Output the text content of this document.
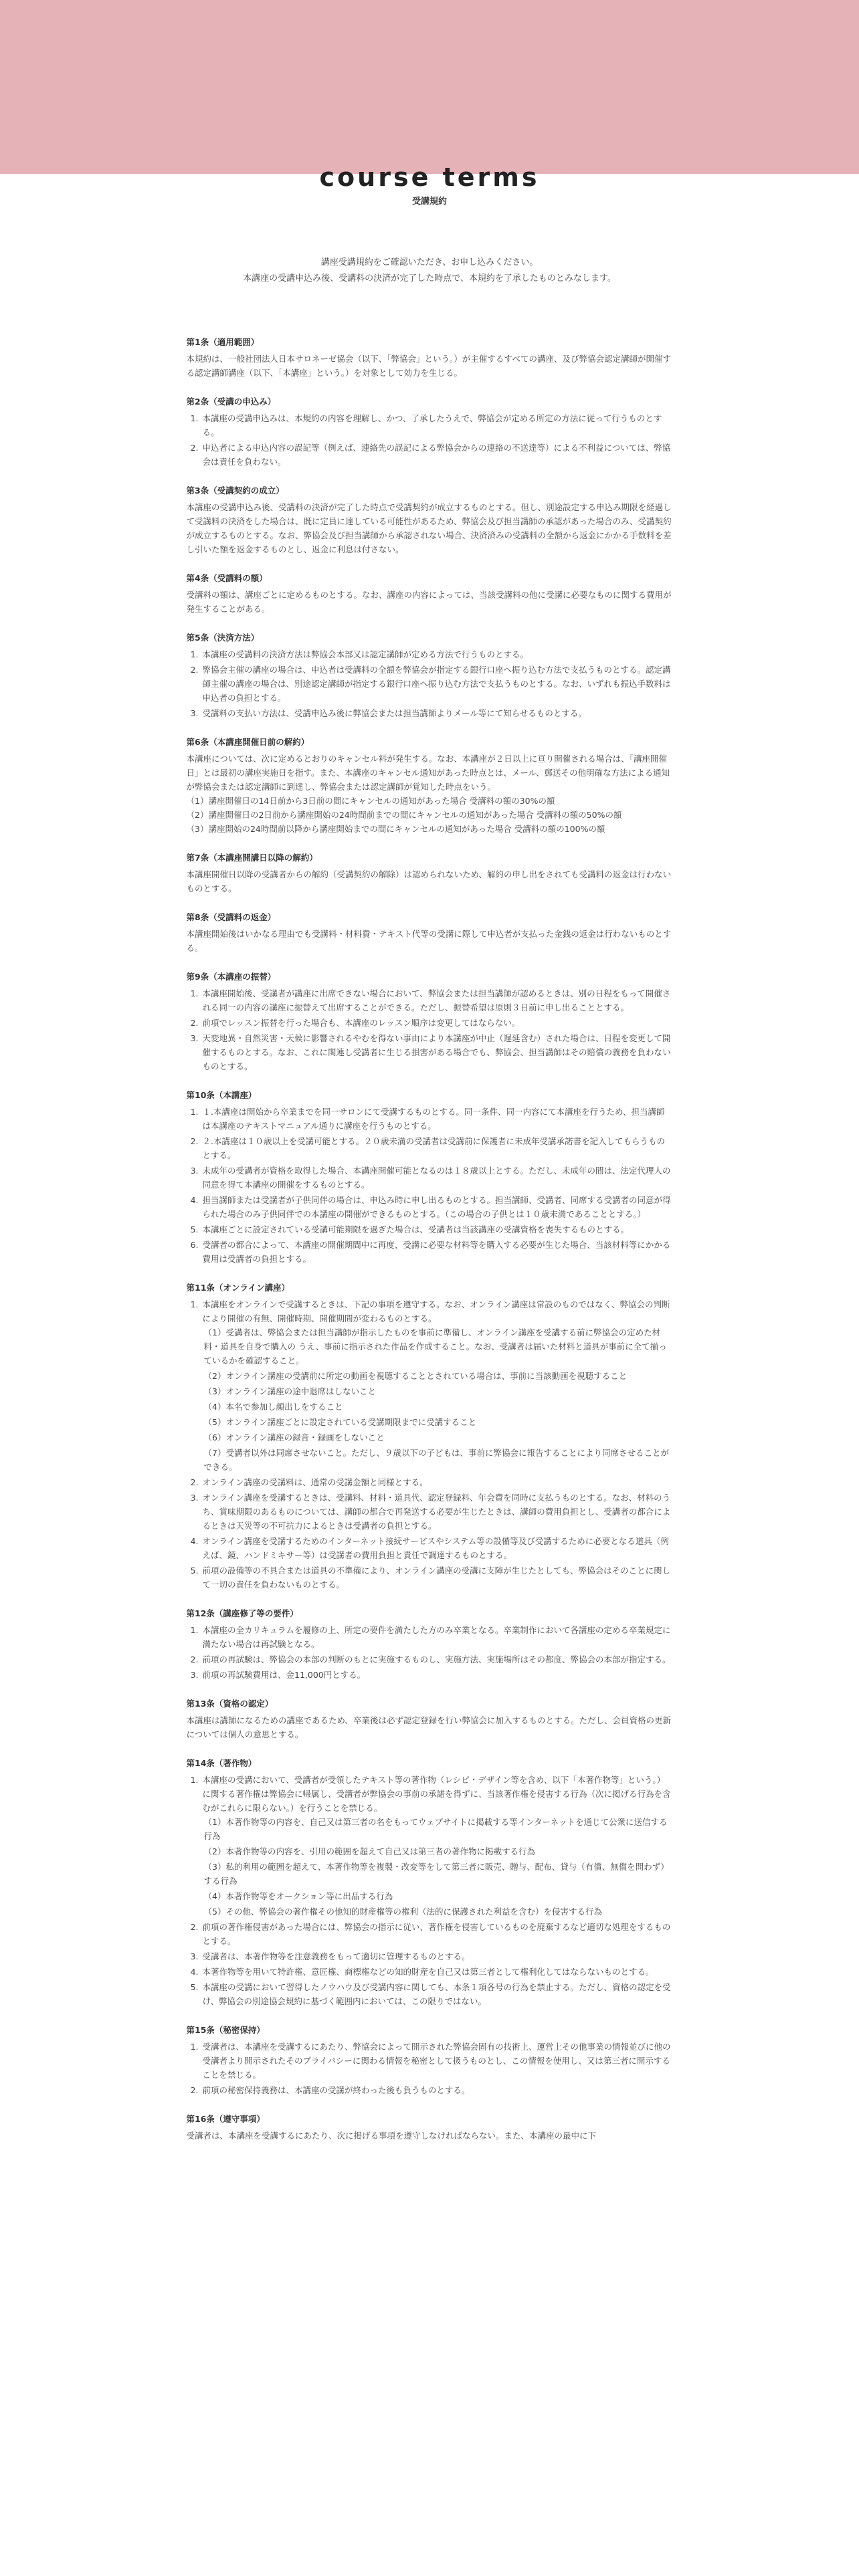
course terms
受講規約
講座受講規約をご確認いただき、お申し込みください。
本講座の受講申込み後、受講料の決済が完了した時点で、本規約を了承したものとみなします。
第1条（適用範囲）

本規約は、一般社団法人日本サロネーゼ協会（以下、「弊協会」という。）が主催するすべての講座、及び弊協会認定講師が開催する認定講師講座（以下、「本講座」という。）を対象として効力を生じる。

第2条（受講の申込み）
1. 本講座の受講申込みは、本規約の内容を理解し、かつ、了承したうえで、弊協会が定める所定の方法に従って行うものとする。
2. 申込者による申込内容の誤記等（例えば、連絡先の誤記による弊協会からの連絡の不送達等）による不利益については、弊協会は責任を負わない。
第3条（受講契約の成立）

本講座の受講申込み後、受講料の決済が完了した時点で受講契約が成立するものとする。但し、別途設定する申込み期限を経過して受講料の決済をした場合は、既に定員に達している可能性があるため、弊協会及び担当講師の承認があった場合のみ、受講契約が成立するものとする。なお、弊協会及び担当講師から承認されない場合、決済済みの受講料の全額から返金にかかる手数料を差し引いた額を返金するものとし、返金に利息は付さない。

第4条（受講料の額）

受講料の額は、講座ごとに定めるものとする。なお、講座の内容によっては、当該受講料の他に受講に必要なものに関する費用が発生することがある。

第5条（決済方法）
1. 本講座の受講料の決済方法は弊協会本部又は認定講師が定める方法で行うものとする。
2. 弊協会主催の講座の場合は、申込者は受講料の全額を弊協会が指定する銀行口座へ振り込む方法で支払うものとする。認定講師主催の講座の場合は、別途認定講師が指定する銀行口座へ振り込む方法で支払うものとする。なお、いずれも振込手数料は申込者の負担とする。
3. 受講料の支払い方法は、受講申込み後に弊協会または担当講師よりメール等にて知らせるものとする。
第6条（本講座開催日前の解約）

本講座については、次に定めるとおりのキャンセル料が発生する。なお、本講座が２日以上に亘り開催される場合は、「講座開催日」とは最初の講座実施日を指す。また、本講座のキャンセル通知があった時点とは、メール、郵送その他明確な方法による通知が弊協会または認定講師に到達し、弊協会または認定講師が覚知した時点をいう。

（1）講座開催日の14日前から3日前の間にキャンセルの通知があった場合 受講料の額の30%の額

（2）講座開催日の2日前から講座開始の24時間前までの間にキャンセルの通知があった場合 受講料の額の50%の額

（3）講座開始の24時間前以降から講座開始までの間にキャンセルの通知があった場合 受講料の額の100%の額

第7条（本講座開講日以降の解約）

本講座開催日以降の受講者からの解約（受講契約の解除）は認められないため、解約の申し出をされても受講料の返金は行わないものとする。

第8条（受講料の返金）

本講座開始後はいかなる理由でも受講料・材料費・テキスト代等の受講に際して申込者が支払った金銭の返金は行わないものとする。

第9条（本講座の振替）
1. 本講座開始後、受講者が講座に出席できない場合において、弊協会または担当講師が認めるときは、別の日程をもって開催される同一の内容の講座に振替えて出席することができる。ただし、振替希望は原則３日前に申し出ることとする。
2. 前項でレッスン振替を行った場合も、本講座のレッスン順序は変更してはならない。
3. 天変地異・自然災害・天候に影響されるやむを得ない事由により本講座が中止（遅延含む）された場合は、日程を変更して開催するものとする。なお、これに関連し受講者に生じる損害がある場合でも、弊協会、担当講師はその賠償の義務を負わないものとする。
第10条（本講座）
1. １.本講座は開始から卒業までを同一サロンにて受講するものとする。同一条件、同一内容にて本講座を行うため、担当講師は本講座のテキストマニュアル通りに講座を行うものとする。
2. ２.本講座は１０歳以上を受講可能とする。２０歳未満の受講者は受講前に保護者に未成年受講承諾書を記入してもらうものとする。
3. 未成年の受講者が資格を取得した場合、本講座開催可能となるのは１８歳以上とする。ただし、未成年の間は、法定代理人の同意を得て本講座の開催をするものとする。
4. 担当講師または受講者が子供同伴の場合は、申込み時に申し出るものとする。担当講師、受講者、同席する受講者の同意が得られた場合のみ子供同伴での本講座の開催ができるものとする。（この場合の子供とは１０歳未満であることとする。）
5. 本講座ごとに設定されている受講可能期限を過ぎた場合は、受講者は当該講座の受講資格を喪失するものとする。
6. 受講者の都合によって、本講座の開催期間中に再度、受講に必要な材料等を購入する必要が生じた場合、当該材料等にかかる費用は受講者の負担とする。
第11条（オンライン講座）
1. 本講座をオンラインで受講するときは、下記の事項を遵守する。なお、オンライン講座は常設のものではなく、弊協会の判断により開催の有無、開催時期、開催期間が変わるものとする。
（1）受講者は、弊協会または担当講師が指示したものを事前に準備し、オンライン講座を受講する前に弊協会の定めた材料・道具を自身で購入の うえ、事前に指示された作品を作成すること。なお、受講者は届いた材料と道具が事前に全て揃っているかを確認すること。
（2）オンライン講座の受講前に所定の動画を視聴することとされている場合は、事前に当該動画を視聴すること
（3）オンライン講座の途中退席はしないこと
（4）本名で参加し顔出しをすること
（5）オンライン講座ごとに設定されている受講期限までに受講すること
（6）オンライン講座の録音・録画をしないこと
（7）受講者以外は同席させないこと。ただし、９歳以下の子どもは、事前に弊協会に報告することにより同席させることができる。
2. オンライン講座の受講料は、通常の受講金額と同様とする。
3. オンライン講座を受講するときは、受講料、材料・道具代、認定登録料、年会費を同時に支払うものとする。なお、材料のうち、賞味期限のあるものについては、講師の都合で再発送する必要が生じたときは、講師の費用負担とし、受講者の都合によるときは天災等の不可抗力によるときは受講者の負担とする。
4. オンライン講座を受講するためのインターネット接続サービスやシステム等の設備等及び受講するために必要となる道具（例えば、鏡、ハンドミキサー等）は受講者の費用負担と責任で調達するものとする。
5. 前項の設備等の不具合または道具の不準備により、オンライン講座の受講に支障が生じたとしても、弊協会はそのことに関して一切の責任を負わないものとする。
第12条（講座修了等の要件）
1. 本講座の全カリキュラムを履修の上、所定の要件を満たした方のみ卒業となる。卒業制作において各講座の定める卒業規定に満たない場合は再試験となる。
2. 前項の再試験は、弊協会の本部の判断のもとに実施するものし、実施方法、実施場所はその都度、弊協会の本部が指定する。
3. 前項の再試験費用は、金11,000円とする。
第13条（資格の認定）

本講座は講師になるための講座であるため、卒業後は必ず認定登録を行い弊協会に加入するものとする。ただし、会員資格の更新については個人の意思とする。

第14条（著作物）
1. 本講座の受講において、受講者が受領したテキスト等の著作物（レシピ・デザイン等を含め、以下「本著作物等」という。）に関する著作権は弊協会に帰属し、受講者が弊協会の事前の承諾を得ずに、当該著作権を侵害する行為（次に掲げる行為を含むがこれらに限らない。）を行うことを禁じる。
（1）本著作物等の内容を、自己又は第三者の名をもってウェブサイトに掲載する等インターネットを通じて公衆に送信する行為
（2）本著作物等の内容を、引用の範囲を超えて自己又は第三者の著作物に掲載する行為
（3）私的利用の範囲を超えて、本著作物等を複製・改変等をして第三者に販売、贈与、配布、貸与（有償、無償を問わず）する行為
（4）本著作物等をオークション等に出品する行為
（5）その他、弊協会の著作権その他知的財産権等の権利（法的に保護された利益を含む）を侵害する行為
2. 前項の著作権侵害があった場合には、弊協会の指示に従い、著作権を侵害しているものを廃棄するなど適切な処理をするものとする。
3. 受講者は、本著作物等を注意義務をもって適切に管理するものとする。
4. 本著作物等を用いて特許権、意匠権、商標権などの知的財産を自己又は第三者として権利化してはならないものとする。
5. 本講座の受講において習得したノウハウ及び受講内容に関しても、本条１項各号の行為を禁止する。ただし、資格の認定を受け、弊協会の別途協会規約に基づく範囲内においては、この限りではない。
第15条（秘密保持）
1. 受講者は、本講座を受講するにあたり、弊協会によって開示された弊協会固有の技術上、運営上その他事業の情報並びに他の受講者より開示されたそのプライバシーに関わる情報を秘密として扱うものとし、この情報を使用し、又は第三者に開示することを禁じる。
2. 前項の秘密保持義務は、本講座の受講が終わった後も負うものとする。
第16条（遵守事項）

受講者は、本講座を受講するにあたり、次に掲げる事項を遵守しなければならない。また、本講座の最中に下
